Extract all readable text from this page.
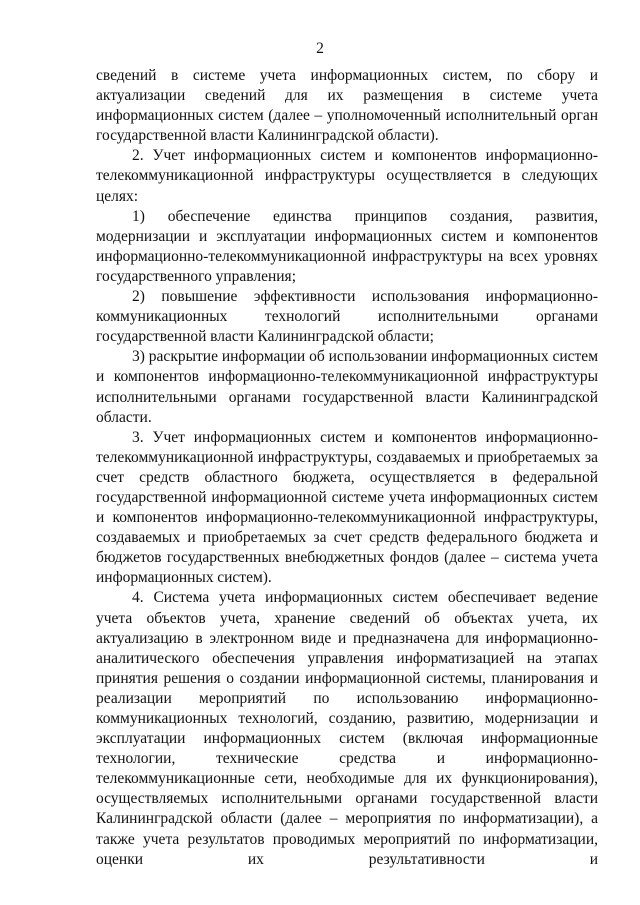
2

сведений в системе учета информационных систем, по сбору и актуализации сведений для их размещения в системе учета информационных систем (далее – уполномоченный исполнительный орган государственной власти Калининградской области).

2. Учет информационных систем и компонентов информационно-телекоммуникационной инфраструктуры осуществляется в следующих целях:

1) обеспечение единства принципов создания, развития, модернизации и эксплуатации информационных систем и компонентов информационно-телекоммуникационной инфраструктуры на всех уровнях государственного управления;

2) повышение эффективности использования информационно-коммуникационных технологий исполнительными органами государственной власти Калининградской области;

3) раскрытие информации об использовании информационных систем и компонентов информационно-телекоммуникационной инфраструктуры исполнительными органами государственной власти Калининградской области.

3. Учет информационных систем и компонентов информационно-телекоммуникационной инфраструктуры, создаваемых и приобретаемых за счет средств областного бюджета, осуществляется в федеральной государственной информационной системе учета информационных систем и компонентов информационно-телекоммуникационной инфраструктуры, создаваемых и приобретаемых за счет средств федерального бюджета и бюджетов государственных внебюджетных фондов (далее – система учета информационных систем).

4. Система учета информационных систем обеспечивает ведение учета объектов учета, хранение сведений об объектах учета, их актуализацию в электронном виде и предназначена для информационно-аналитического обеспечения управления информатизацией на этапах принятия решения о создании информационной системы, планирования и реализации мероприятий по использованию информационно-коммуникационных технологий, созданию, развитию, модернизации и эксплуатации информационных систем (включая информационные технологии, технические средства и информационно-телекоммуникационные сети, необходимые для их функционирования), осуществляемых исполнительными органами государственной власти Калининградской области (далее – мероприятия по информатизации), а также учета результатов проводимых мероприятий по информатизации, оценки их результативности и
